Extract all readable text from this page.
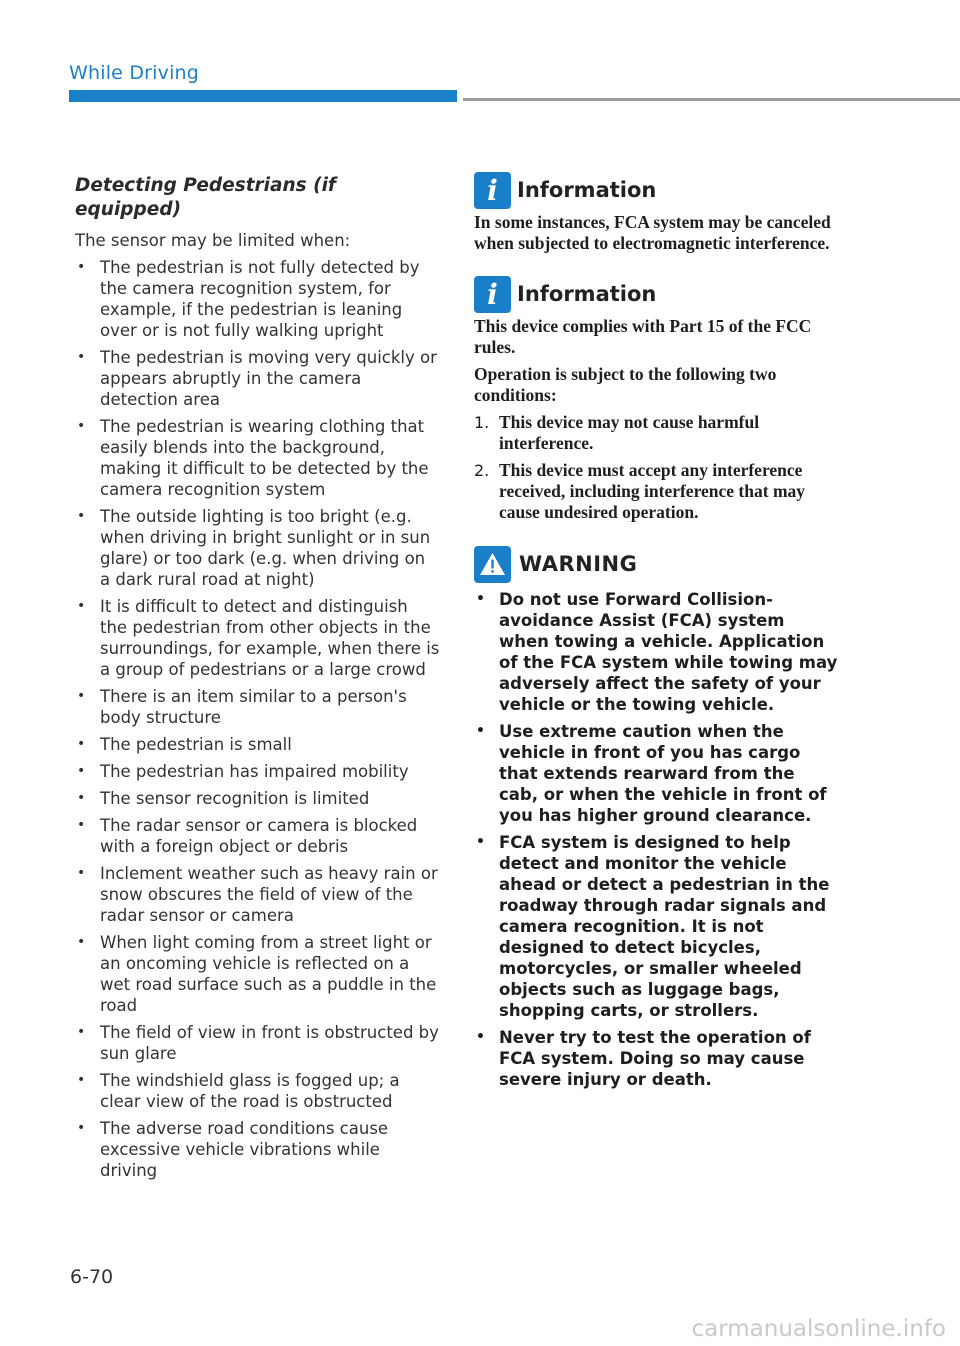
While Driving
Detecting Pedestrians (if equipped)
The sensor may be limited when:
• The pedestrian is not fully detected by the camera recognition system, for example, if the pedestrian is leaning over or is not fully walking upright
• The pedestrian is moving very quickly or appears abruptly in the camera detection area
• The pedestrian is wearing clothing that easily blends into the background, making it difficult to be detected by the camera recognition system
• The outside lighting is too bright (e.g. when driving in bright sunlight or in sun glare) or too dark (e.g. when driving on a dark rural road at night)
• It is difficult to detect and distinguish the pedestrian from other objects in the surroundings, for example, when there is a group of pedestrians or a large crowd
• There is an item similar to a person's body structure
• The pedestrian is small
• The pedestrian has impaired mobility
• The sensor recognition is limited
• The radar sensor or camera is blocked with a foreign object or debris
• Inclement weather such as heavy rain or snow obscures the field of view of the radar sensor or camera
• When light coming from a street light or an oncoming vehicle is reflected on a wet road surface such as a puddle in the road
• The field of view in front is obstructed by sun glare
• The windshield glass is fogged up; a clear view of the road is obstructed
• The adverse road conditions cause excessive vehicle vibrations while driving
i Information
In some instances, FCA system may be canceled when subjected to electromagnetic interference.
i Information
This device complies with Part 15 of the FCC rules.
Operation is subject to the following two conditions:
1. This device may not cause harmful interference.
2. This device must accept any interference received, including interference that may cause undesired operation.
WARNING
• Do not use Forward Collision-avoidance Assist (FCA) system when towing a vehicle. Application of the FCA system while towing may adversely affect the safety of your vehicle or the towing vehicle.
• Use extreme caution when the vehicle in front of you has cargo that extends rearward from the cab, or when the vehicle in front of you has higher ground clearance.
• FCA system is designed to help detect and monitor the vehicle ahead or detect a pedestrian in the roadway through radar signals and camera recognition. It is not designed to detect bicycles, motorcycles, or smaller wheeled objects such as luggage bags, shopping carts, or strollers.
• Never try to test the operation of FCA system. Doing so may cause severe injury or death.
6-70
carmanualsonline.info
